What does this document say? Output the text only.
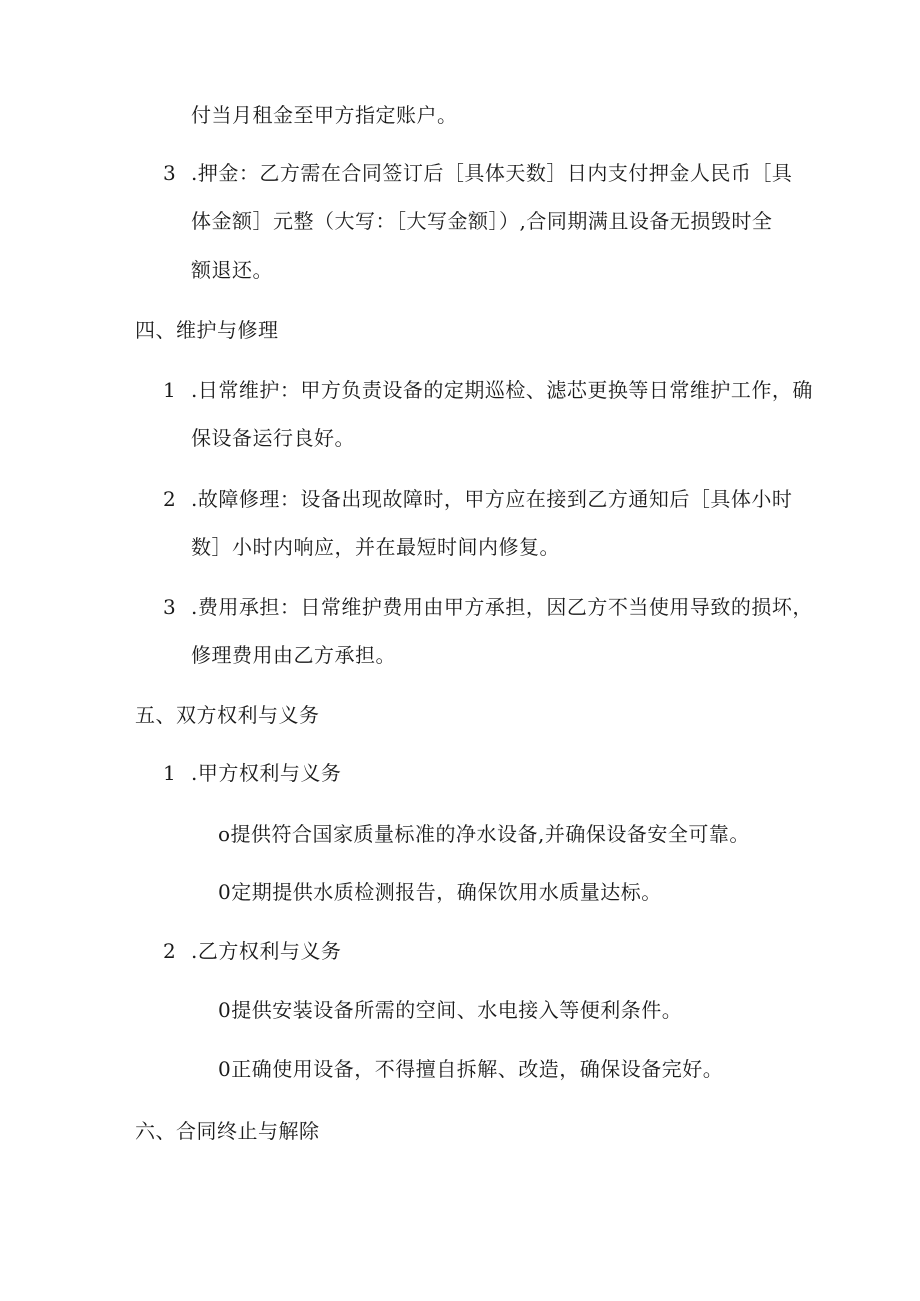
付当月租金至甲方指定账户。
3 .押金：乙方需在合同签订后［具体天数］日内支付押金人民币［具
体金额］元整（大写：［大写金额］）,合同期满且设备无损毁时全
额退还。
四、维护与修理
1 .日常维护：甲方负责设备的定期巡检、滤芯更换等日常维护工作，确
保设备运行良好。
2 .故障修理：设备出现故障时，甲方应在接到乙方通知后［具体小时
数］小时内响应，并在最短时间内修复。
3 .费用承担：日常维护费用由甲方承担，因乙方不当使用导致的损坏，
修理费用由乙方承担。
五、双方权利与义务
1 .甲方权利与义务
o提供符合国家质量标准的净水设备,并确保设备安全可靠。
0定期提供水质检测报告，确保饮用水质量达标。
2 .乙方权利与义务
0提供安装设备所需的空间、水电接入等便利条件。
0正确使用设备，不得擅自拆解、改造，确保设备完好。
六、合同终止与解除
